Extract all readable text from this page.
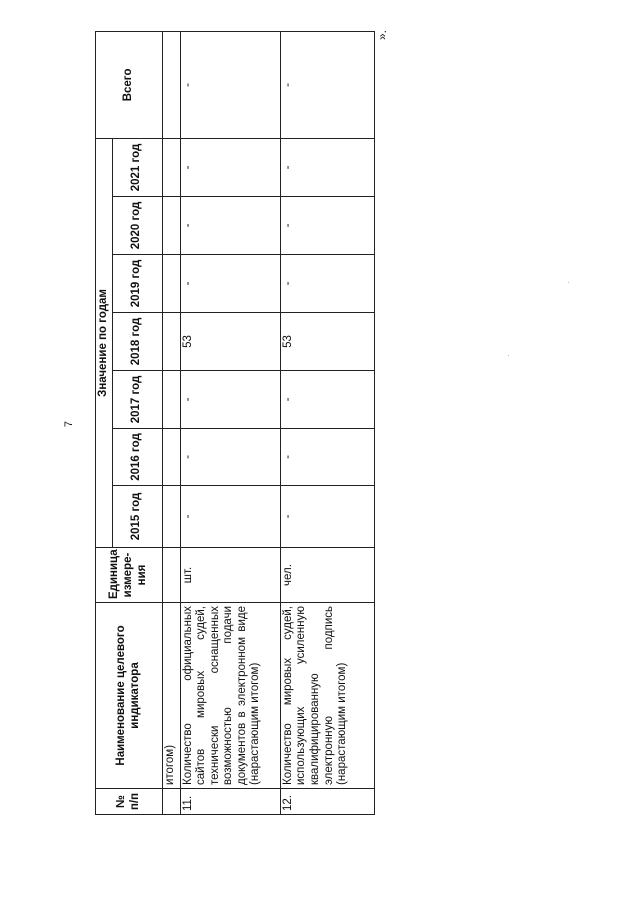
7
».
№ п/п	Наименование целевого индикатора	Единица измере-ния	Значение по годам							Всего
			2015 год	2016 год	2017 год	2018 год	2019 год	2020 год	2021 год	
	итогом)									
11.	Количество официальных сайтов мировых судей, технически оснащенных возможностью подачи документов в электронном виде (нарастающим итогом)	шт.	-	-	-	53	-	-	-	-
12.	Количество мировых судей, использующих усиленную квалифицированную электронную подпись (нарастающим итогом)	чел.	-	-	-	53	-	-	-	-
